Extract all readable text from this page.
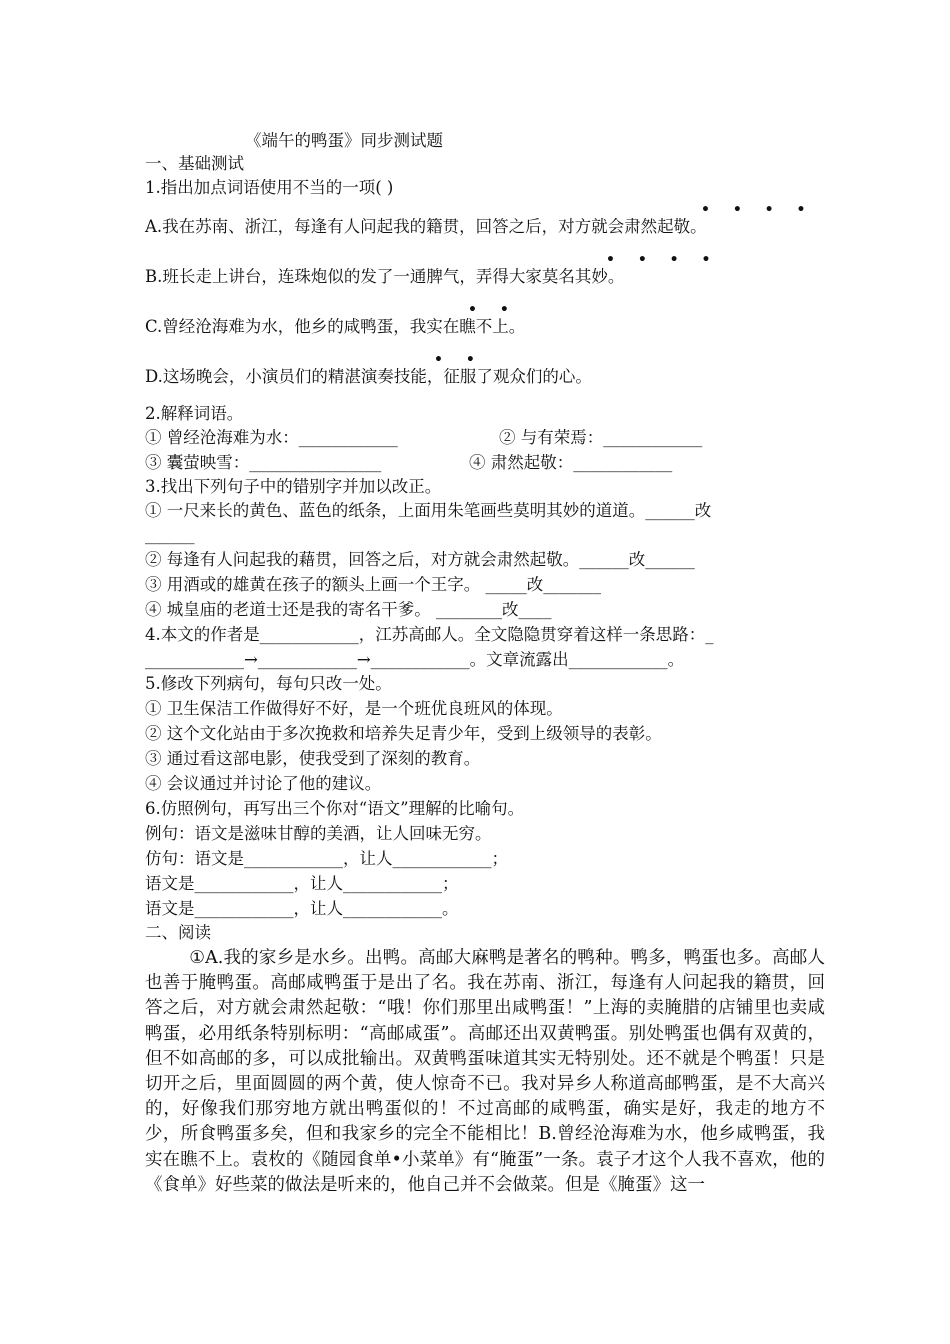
《端午的鸭蛋》同步测试题
一、基础测试
1.指出加点词语使用不当的一项( )
• • • •
A.我在苏南、浙江，每逢有人问起我的籍贯，回答之后，对方就会肃然起敬。
• • • •
B.班长走上讲台，连珠炮似的发了一通脾气，弄得大家莫名其妙。
• •
C.曾经沧海难为水，他乡的咸鸭蛋，我实在瞧不上。
• •
D.这场晚会，小演员们的精湛演奏技能，征服了观众们的心。
2.解释词语。
① 曾经沧海难为水：____________	② 与有荣焉：____________
③ 囊萤映雪：________________	④ 肃然起敬：____________
3.找出下列句子中的错别字并加以改正。
① 一尺来长的黄色、蓝色的纸条，上面用朱笔画些莫明其妙的道道。______改
______
② 每逢有人问起我的藉贯，回答之后，对方就会肃然起敬。______改______
③ 用酒或的雄黄在孩子的额头上画一个王字。 _____改_______
④ 城皇庙的老道士还是我的寄名干爹。 ________改____
4.本文的作者是____________，江苏高邮人。全文隐隐贯穿着这样一条思路：_
____________→____________→____________。文章流露出____________。
5.修改下列病句，每句只改一处。
① 卫生保洁工作做得好不好，是一个班优良班风的体现。
② 这个文化站由于多次挽救和培养失足青少年，受到上级领导的表彰。
③ 通过看这部电影，使我受到了深刻的教育。
④ 会议通过并讨论了他的建议。
6.仿照例句，再写出三个你对“语文”理解的比喻句。
例句：语文是滋味甘醇的美酒，让人回味无穷。
仿句：语文是____________，让人____________；
语文是____________，让人____________；
语文是____________，让人____________。
二、阅读
①A.我的家乡是水乡。出鸭。高邮大麻鸭是著名的鸭种。鸭多，鸭蛋也多。高邮人也善于腌鸭蛋。高邮咸鸭蛋于是出了名。我在苏南、浙江，每逢有人问起我的籍贯，回答之后，对方就会肃然起敬：“哦！你们那里出咸鸭蛋！”上海的卖腌腊的店铺里也卖咸鸭蛋，必用纸条特别标明：“高邮咸蛋”。高邮还出双黄鸭蛋。别处鸭蛋也偶有双黄的，但不如高邮的多，可以成批输出。双黄鸭蛋味道其实无特别处。还不就是个鸭蛋！只是切开之后，里面圆圆的两个黄，使人惊奇不已。我对异乡人称道高邮鸭蛋，是不大高兴的，好像我们那穷地方就出鸭蛋似的！不过高邮的咸鸭蛋，确实是好，我走的地方不少，所食鸭蛋多矣，但和我家乡的完全不能相比！B.曾经沧海难为水，他乡咸鸭蛋，我实在瞧不上。袁枚的《随园食单•小菜单》有“腌蛋”一条。袁子才这个人我不喜欢，他的《食单》好些菜的做法是听来的，他自己并不会做菜。但是《腌蛋》这一
